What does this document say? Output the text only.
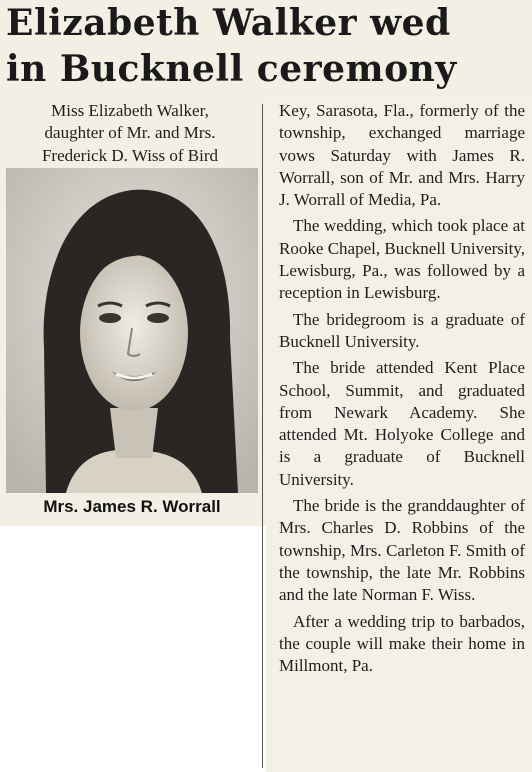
Elizabeth Walker wed
in Bucknell ceremony

Miss Elizabeth Walker,

daughter of Mr. and Mrs.

Frederick D. Wiss of Bird

Mrs. James R. Worrall

Key, Sarasota, Fla., formerly of the township, exchanged marriage vows Saturday with James R. Worrall, son of Mr. and Mrs. Harry J. Worrall of Media, Pa.

The wedding, which took place at Rooke Chapel, Bucknell University, Lewisburg, Pa., was followed by a reception in Lewisburg.

The bridegroom is a graduate of Bucknell University.

The bride attended Kent Place School, Summit, and graduated from Newark Academy. She attended Mt. Holyoke College and is a graduate of Bucknell University.

The bride is the granddaughter of Mrs. Charles D. Robbins of the township, Mrs. Carleton F. Smith of the township, the late Mr. Robbins and the late Norman F. Wiss.

After a wedding trip to barbados, the couple will make their home in Millmont, Pa.
